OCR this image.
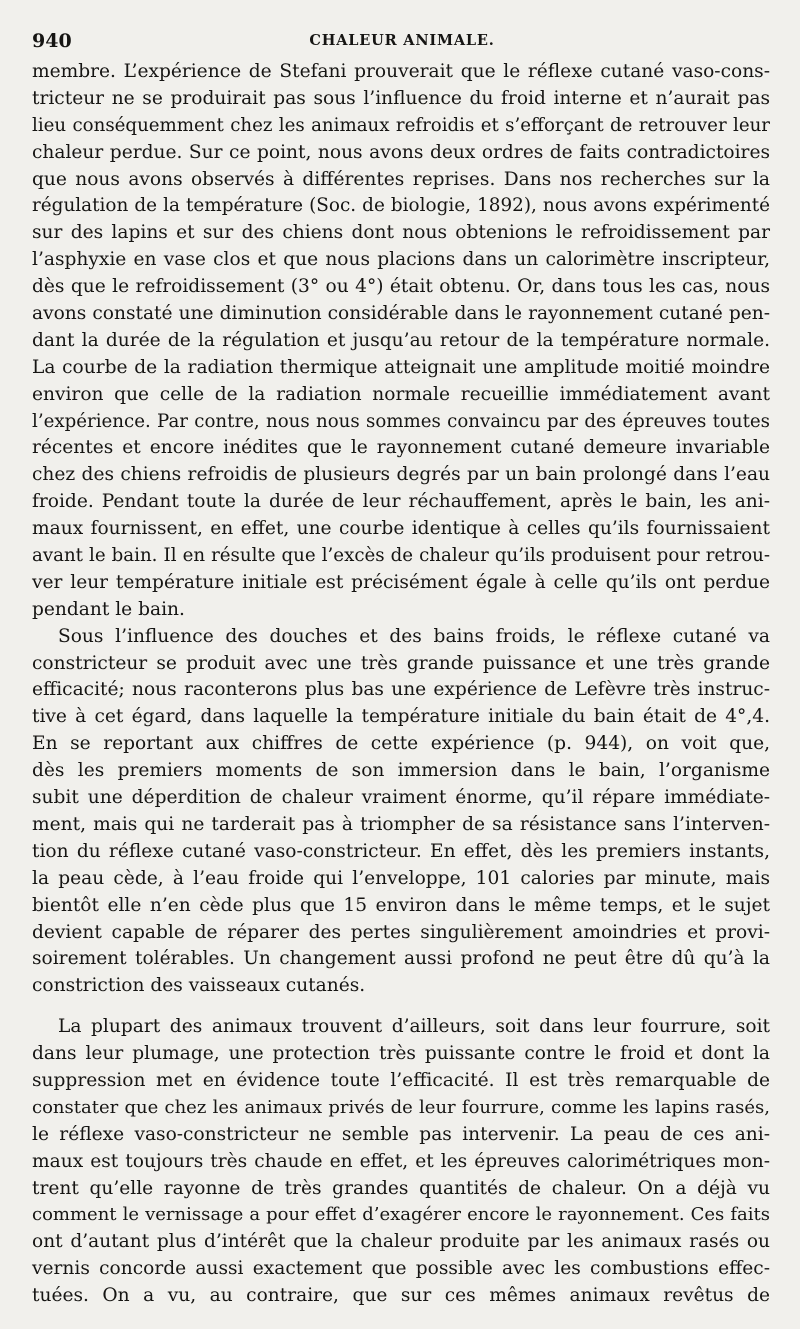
940	CHALEUR ANIMALE.
membre. L’expérience de Stefani prouverait que le réflexe cutané vaso-cons-
tricteur ne se produirait pas sous l’influence du froid interne et n’aurait pas
lieu conséquemment chez les animaux refroidis et s’efforçant de retrouver leur
chaleur perdue. Sur ce point, nous avons deux ordres de faits contradictoires
que nous avons observés à différentes reprises. Dans nos recherches sur la
régulation de la température (Soc. de biologie, 1892), nous avons expérimenté
sur des lapins et sur des chiens dont nous obtenions le refroidissement par
l’asphyxie en vase clos et que nous placions dans un calorimètre inscripteur,
dès que le refroidissement (3° ou 4°) était obtenu. Or, dans tous les cas, nous
avons constaté une diminution considérable dans le rayonnement cutané pen-
dant la durée de la régulation et jusqu’au retour de la température normale.
La courbe de la radiation thermique atteignait une amplitude moitié moindre
environ que celle de la radiation normale recueillie immédiatement avant
l’expérience. Par contre, nous nous sommes convaincu par des épreuves toutes
récentes et encore inédites que le rayonnement cutané demeure invariable
chez des chiens refroidis de plusieurs degrés par un bain prolongé dans l’eau
froide. Pendant toute la durée de leur réchauffement, après le bain, les ani-
maux fournissent, en effet, une courbe identique à celles qu’ils fournissaient
avant le bain. Il en résulte que l’excès de chaleur qu’ils produisent pour retrou-
ver leur température initiale est précisément égale à celle qu’ils ont perdue
pendant le bain.
Sous l’influence des douches et des bains froids, le réflexe cutané va
constricteur se produit avec une très grande puissance et une très grande
efficacité; nous raconterons plus bas une expérience de Lefèvre très instruc-
tive à cet égard, dans laquelle la température initiale du bain était de 4°,4.
En se reportant aux chiffres de cette expérience (p. 944), on voit que,
dès les premiers moments de son immersion dans le bain, l’organisme
subit une déperdition de chaleur vraiment énorme, qu’il répare immédiate-
ment, mais qui ne tarderait pas à triompher de sa résistance sans l’interven-
tion du réflexe cutané vaso-constricteur. En effet, dès les premiers instants,
la peau cède, à l’eau froide qui l’enveloppe, 101 calories par minute, mais
bientôt elle n’en cède plus que 15 environ dans le même temps, et le sujet
devient capable de réparer des pertes singulièrement amoindries et provi-
soirement tolérables. Un changement aussi profond ne peut être dû qu’à la
constriction des vaisseaux cutanés.
La plupart des animaux trouvent d’ailleurs, soit dans leur fourrure, soit
dans leur plumage, une protection très puissante contre le froid et dont la
suppression met en évidence toute l’efficacité. Il est très remarquable de
constater que chez les animaux privés de leur fourrure, comme les lapins rasés,
le réflexe vaso-constricteur ne semble pas intervenir. La peau de ces ani-
maux est toujours très chaude en effet, et les épreuves calorimétriques mon-
trent qu’elle rayonne de très grandes quantités de chaleur. On a déjà vu
comment le vernissage a pour effet d’exagérer encore le rayonnement. Ces faits
ont d’autant plus d’intérêt que la chaleur produite par les animaux rasés ou
vernis concorde aussi exactement que possible avec les combustions effec-
tuées. On a vu, au contraire, que sur ces mêmes animaux revêtus de
